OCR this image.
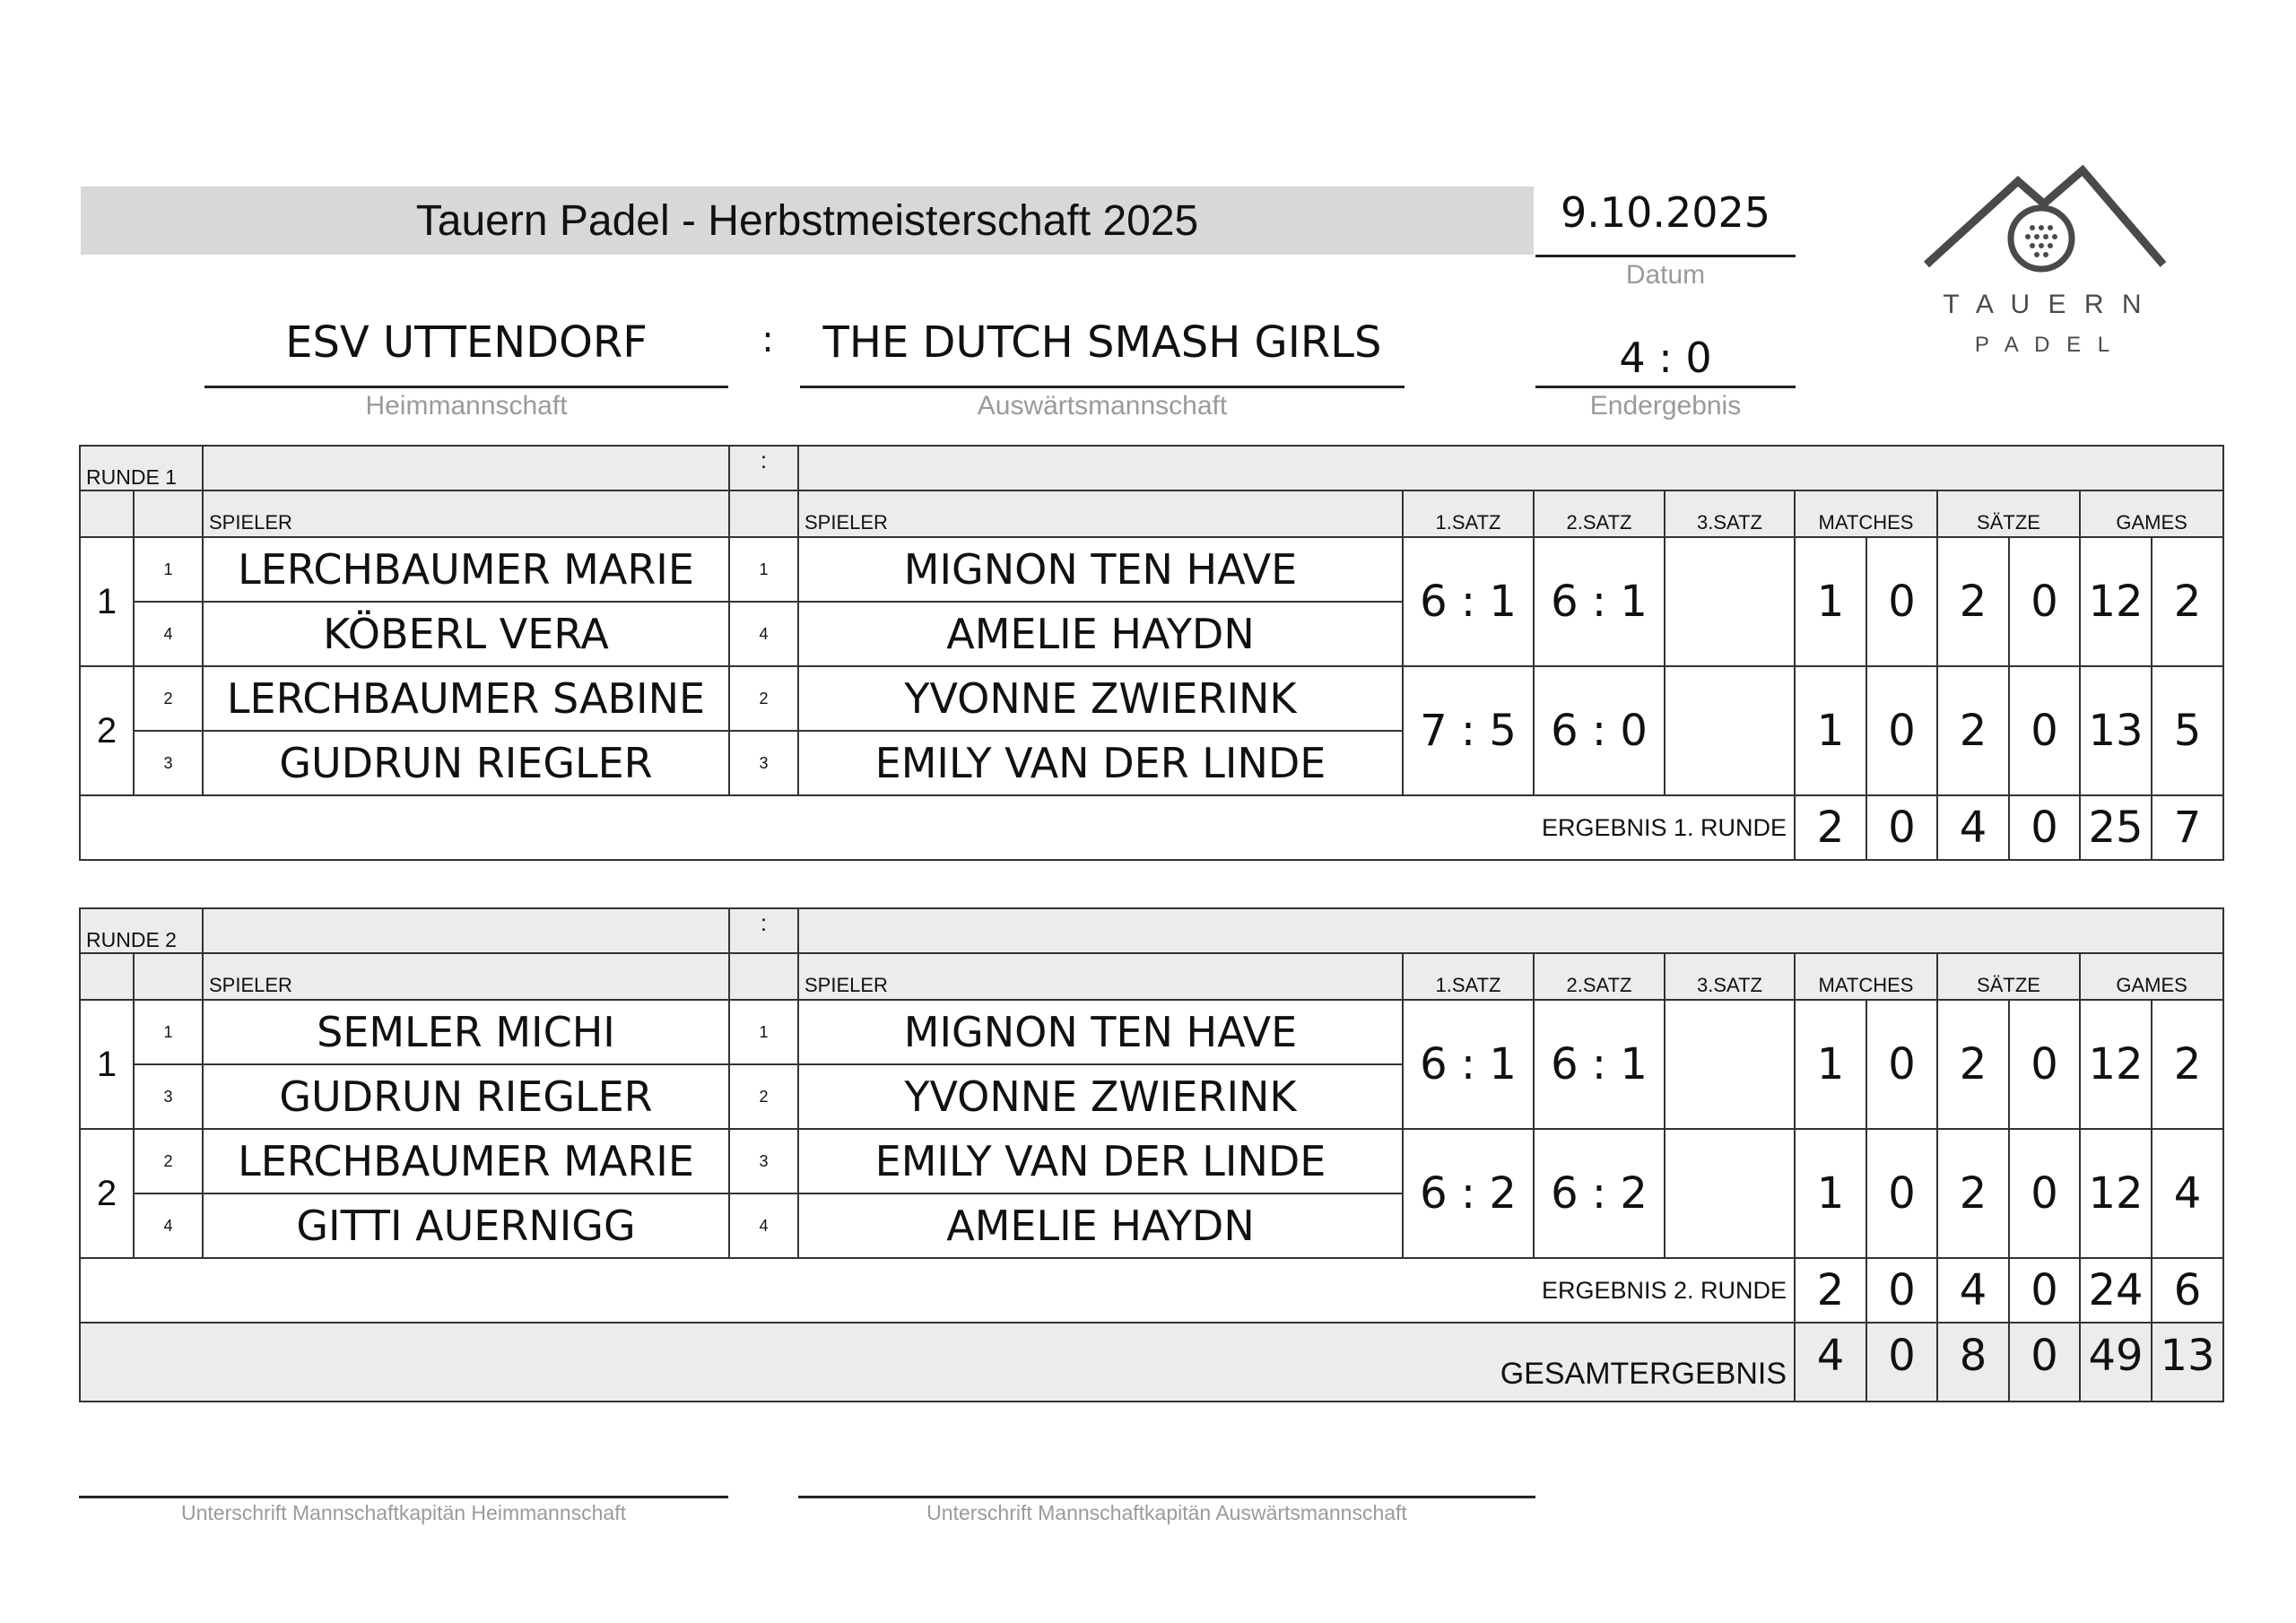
Tauern Padel - Herbstmeisterschaft 2025	9.10.2025
Datum
ESV UTTENDORF
Heimmannschaft
:	THE DUTCH SMASH GIRLS
Auswärtsmannschaft
4 : 0
Endergebnis
T A U E R N
P A D E L
RUNDE 1			:										
		SPIELER		SPIELER	1.SATZ	2.SATZ	3.SATZ	MATCHES		SÄTZE		GAMES	
1	1	LERCHBAUMER MARIE	1	MIGNON TEN HAVE	6 : 1	6 : 1		1	0	2	0	12	2
	4	KÖBERL VERA	4	AMELIE HAYDN									
2	2	LERCHBAUMER SABINE	2	YVONNE ZWIERINK	7 : 5	6 : 0		1	0	2	0	13	5
	3	GUDRUN RIEGLER	3	EMILY VAN DER LINDE									
ERGEBNIS 1. RUNDE								2	0	4	0	25	7
RUNDE 2			:										
		SPIELER		SPIELER	1.SATZ	2.SATZ	3.SATZ	MATCHES		SÄTZE		GAMES	
1	1	SEMLER MICHI	1	MIGNON TEN HAVE	6 : 1	6 : 1		1	0	2	0	12	2
	3	GUDRUN RIEGLER	2	YVONNE ZWIERINK									
2	2	LERCHBAUMER MARIE	3	EMILY VAN DER LINDE	6 : 2	6 : 2		1	0	2	0	12	4
	4	GITTI AUERNIGG	4	AMELIE HAYDN									
ERGEBNIS 2. RUNDE								2	0	4	0	24	6
GESAMTERGEBNIS								4	0	8	0	49	13
Unterschrift Mannschaftkapitän Heimmannschaft	Unterschrift Mannschaftkapitän Auswärtsmannschaft
